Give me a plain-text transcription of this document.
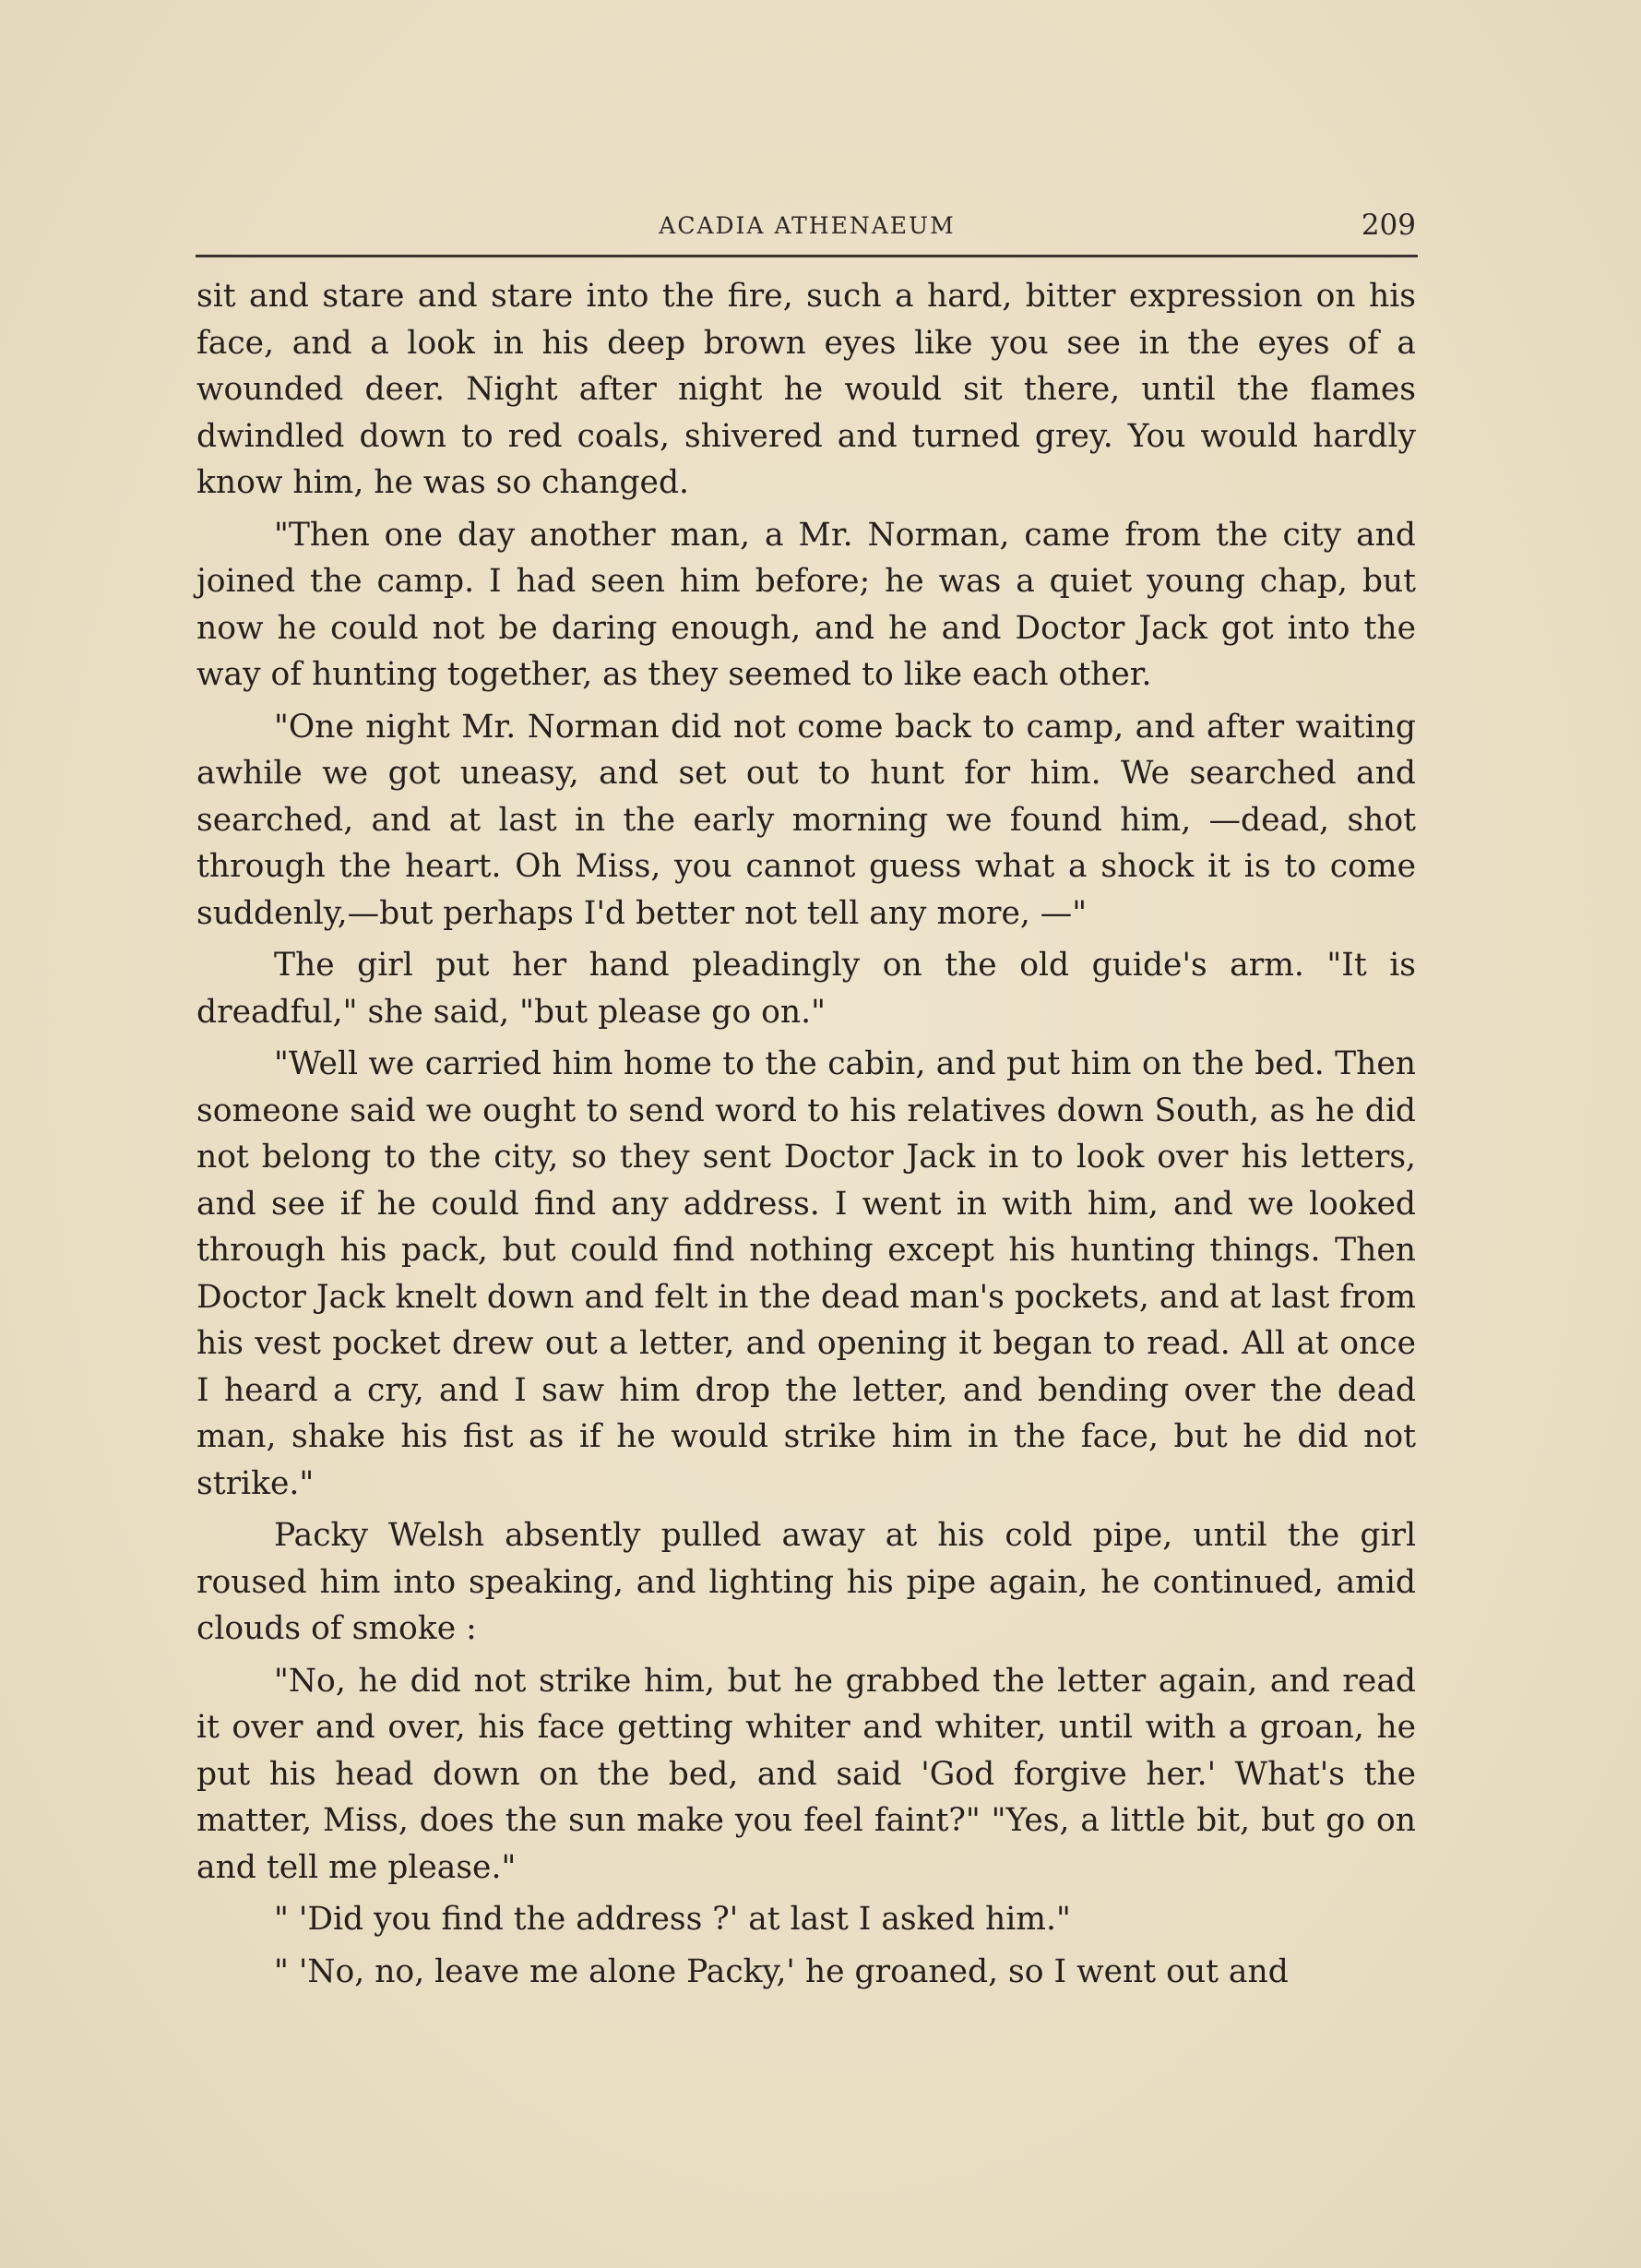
ACADIA ATHENAEUM	209

sit and stare and stare into the fire, such a hard, bitter expression on his face, and a look in his deep brown eyes like you see in the eyes of a wounded deer. Night after night he would sit there, until the flames dwindled down to red coals, shivered and turned grey. You would hardly know him, he was so changed.

"Then one day another man, a Mr. Norman, came from the city and joined the camp. I had seen him before; he was a quiet young chap, but now he could not be daring enough, and he and Doctor Jack got into the way of hunting together, as they seemed to like each other.

"One night Mr. Norman did not come back to camp, and after waiting awhile we got uneasy, and set out to hunt for him. We searched and searched, and at last in the early morning we found him, —dead, shot through the heart. Oh Miss, you cannot guess what a shock it is to come suddenly,—but perhaps I'd better not tell any more, —"

The girl put her hand pleadingly on the old guide's arm. "It is dreadful," she said, "but please go on."

"Well we carried him home to the cabin, and put him on the bed. Then someone said we ought to send word to his relatives down South, as he did not belong to the city, so they sent Doctor Jack in to look over his letters, and see if he could find any address. I went in with him, and we looked through his pack, but could find nothing except his hunting things. Then Doctor Jack knelt down and felt in the dead man's pockets, and at last from his vest pocket drew out a letter, and opening it began to read. All at once I heard a cry, and I saw him drop the letter, and bending over the dead man, shake his fist as if he would strike him in the face, but he did not strike."

Packy Welsh absently pulled away at his cold pipe, until the girl roused him into speaking, and lighting his pipe again, he continued, amid clouds of smoke :

"No, he did not strike him, but he grabbed the letter again, and read it over and over, his face getting whiter and whiter, until with a groan, he put his head down on the bed, and said 'God forgive her.' What's the matter, Miss, does the sun make you feel faint?" "Yes, a little bit, but go on and tell me please."

" 'Did you find the address ?' at last I asked him."

" 'No, no, leave me alone Packy,' he groaned, so I went out and
